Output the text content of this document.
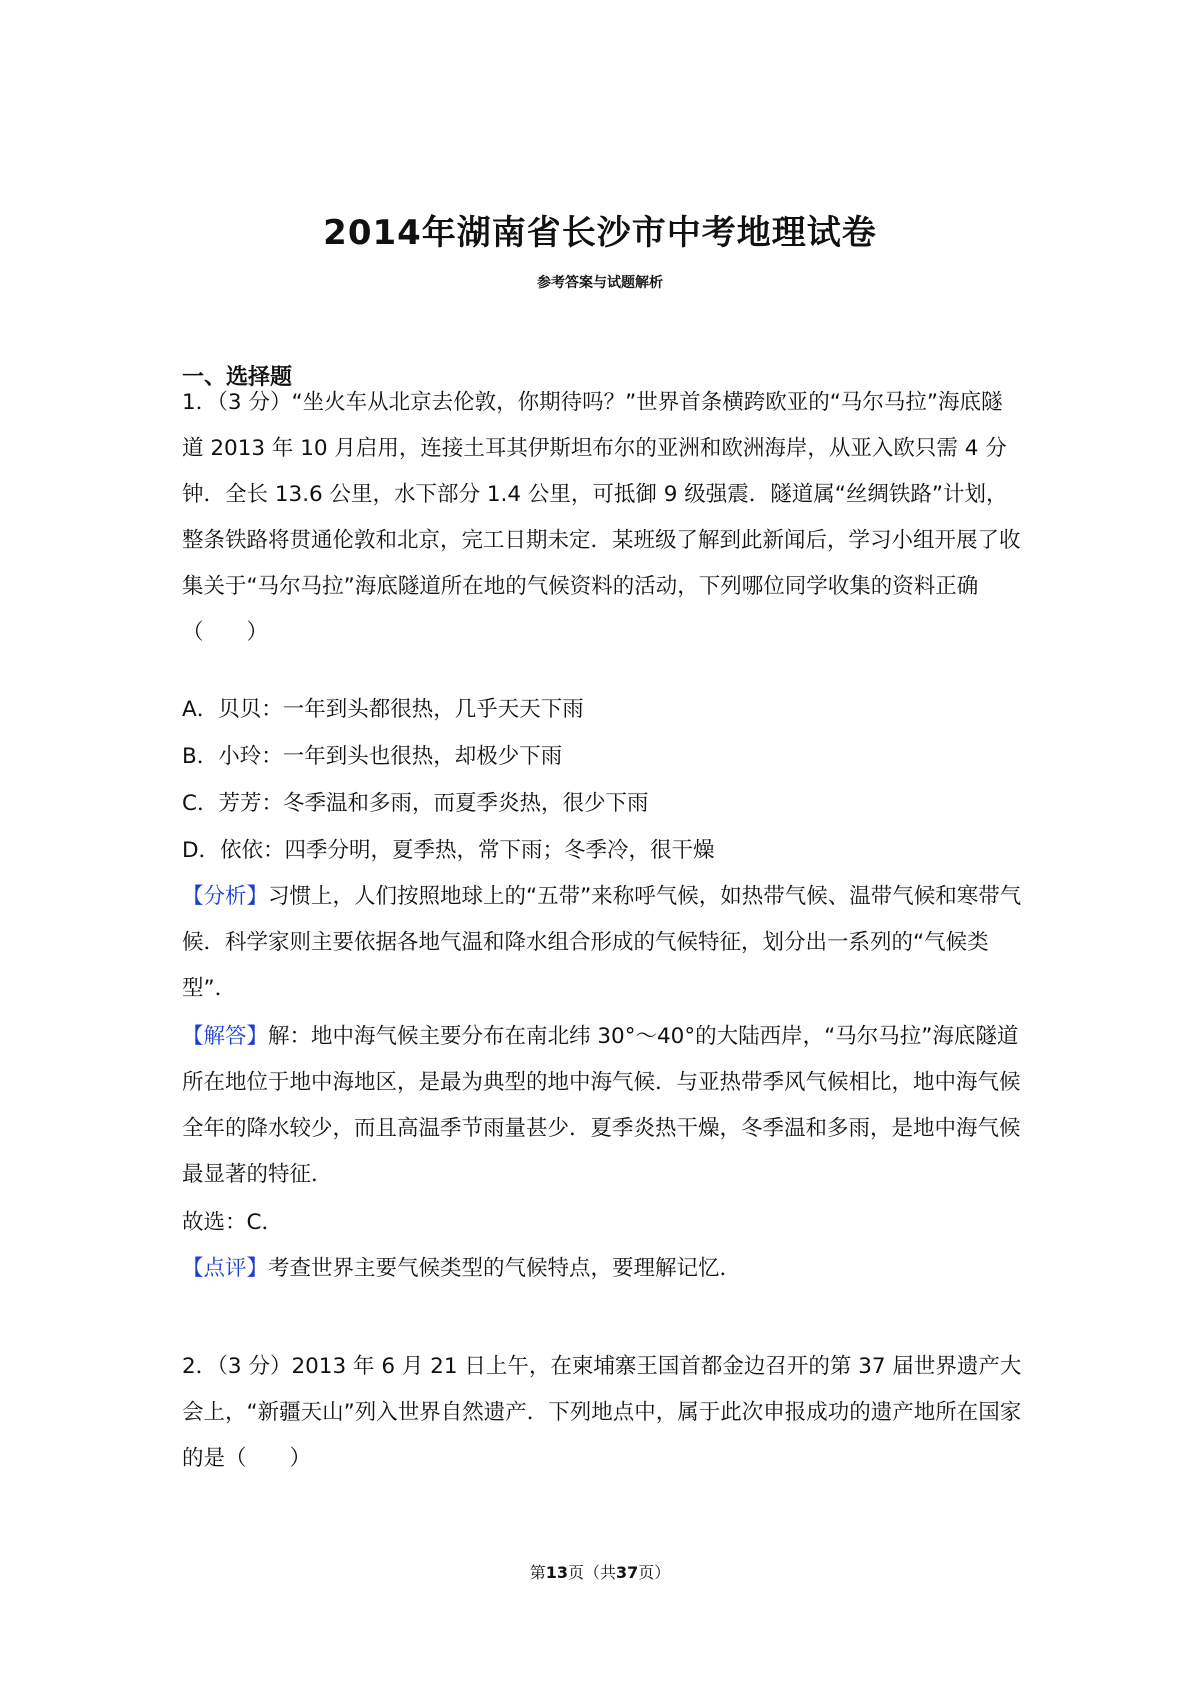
2014年湖南省长沙市中考地理试卷
参考答案与试题解析
一、选择题

1．（3 分）“坐火车从北京去伦敦，你期待吗？”世界首条横跨欧亚的“马尔马拉”海底隧道 2013 年 10 月启用，连接土耳其伊斯坦布尔的亚洲和欧洲海岸，从亚入欧只需 4 分钟．全长 13.6 公里，水下部分 1.4 公里，可抵御 9 级强震．隧道属“丝绸铁路”计划，整条铁路将贯通伦敦和北京，完工日期未定．某班级了解到此新闻后，学习小组开展了收集关于“马尔马拉”海底隧道所在地的气候资料的活动，下列哪位同学收集的资料正确（　　）

A．贝贝：一年到头都很热，几乎天天下雨

B．小玲：一年到头也很热，却极少下雨

C．芳芳：冬季温和多雨，而夏季炎热，很少下雨

D．依依：四季分明，夏季热，常下雨；冬季冷，很干燥

【分析】习惯上，人们按照地球上的“五带”来称呼气候，如热带气候、温带气候和寒带气候．科学家则主要依据各地气温和降水组合形成的气候特征，划分出一系列的“气候类型”．

【解答】解：地中海气候主要分布在南北纬 30°～40°的大陆西岸，“马尔马拉”海底隧道所在地位于地中海地区，是最为典型的地中海气候．与亚热带季风气候相比，地中海气候全年的降水较少，而且高温季节雨量甚少．夏季炎热干燥，冬季温和多雨，是地中海气候最显著的特征．

故选：C．

【点评】考查世界主要气候类型的气候特点，要理解记忆．

2．（3 分）2013 年 6 月 21 日上午，在柬埔寨王国首都金边召开的第 37 届世界遗产大会上，“新疆天山”列入世界自然遗产．下列地点中，属于此次申报成功的遗产地所在国家的是（　　）

第13页（共37页）
